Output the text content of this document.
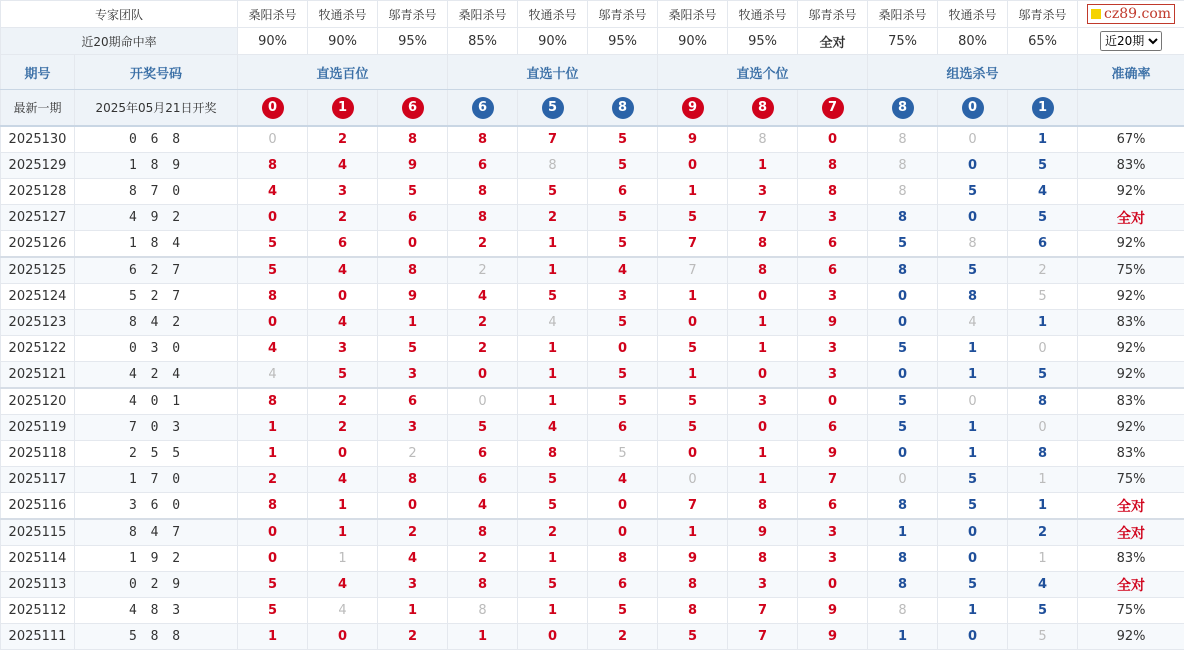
专家团队		桑阳杀号	牧通杀号	邬青杀号	桑阳杀号	牧通杀号	邬青杀号	桑阳杀号	牧通杀号	邬青杀号	桑阳杀号	牧通杀号	邬青杀号	cz89.com
近20期命中率		90%	90%	95%	85%	90%	95%	90%	95%	全对	75%	80%	65%	
近20期
期号	开奖号码	直选百位			直选十位			直选个位			组选杀号			准确率
最新一期	2025年05月21日开奖	0	1	6	6	5	8	9	8	7	8	0	1	
2025130	0 6 8	0	2	8	8	7	5	9	8	0	8	0	1	67%
2025129	1 8 9	8	4	9	6	8	5	0	1	8	8	0	5	83%
2025128	8 7 0	4	3	5	8	5	6	1	3	8	8	5	4	92%
2025127	4 9 2	0	2	6	8	2	5	5	7	3	8	0	5	全对
2025126	1 8 4	5	6	0	2	1	5	7	8	6	5	8	6	92%
2025125	6 2 7	5	4	8	2	1	4	7	8	6	8	5	2	75%
2025124	5 2 7	8	0	9	4	5	3	1	0	3	0	8	5	92%
2025123	8 4 2	0	4	1	2	4	5	0	1	9	0	4	1	83%
2025122	0 3 0	4	3	5	2	1	0	5	1	3	5	1	0	92%
2025121	4 2 4	4	5	3	0	1	5	1	0	3	0	1	5	92%
2025120	4 0 1	8	2	6	0	1	5	5	3	0	5	0	8	83%
2025119	7 0 3	1	2	3	5	4	6	5	0	6	5	1	0	92%
2025118	2 5 5	1	0	2	6	8	5	0	1	9	0	1	8	83%
2025117	1 7 0	2	4	8	6	5	4	0	1	7	0	5	1	75%
2025116	3 6 0	8	1	0	4	5	0	7	8	6	8	5	1	全对
2025115	8 4 7	0	1	2	8	2	0	1	9	3	1	0	2	全对
2025114	1 9 2	0	1	4	2	1	8	9	8	3	8	0	1	83%
2025113	0 2 9	5	4	3	8	5	6	8	3	0	8	5	4	全对
2025112	4 8 3	5	4	1	8	1	5	8	7	9	8	1	5	75%
2025111	5 8 8	1	0	2	1	0	2	5	7	9	1	0	5	92%
